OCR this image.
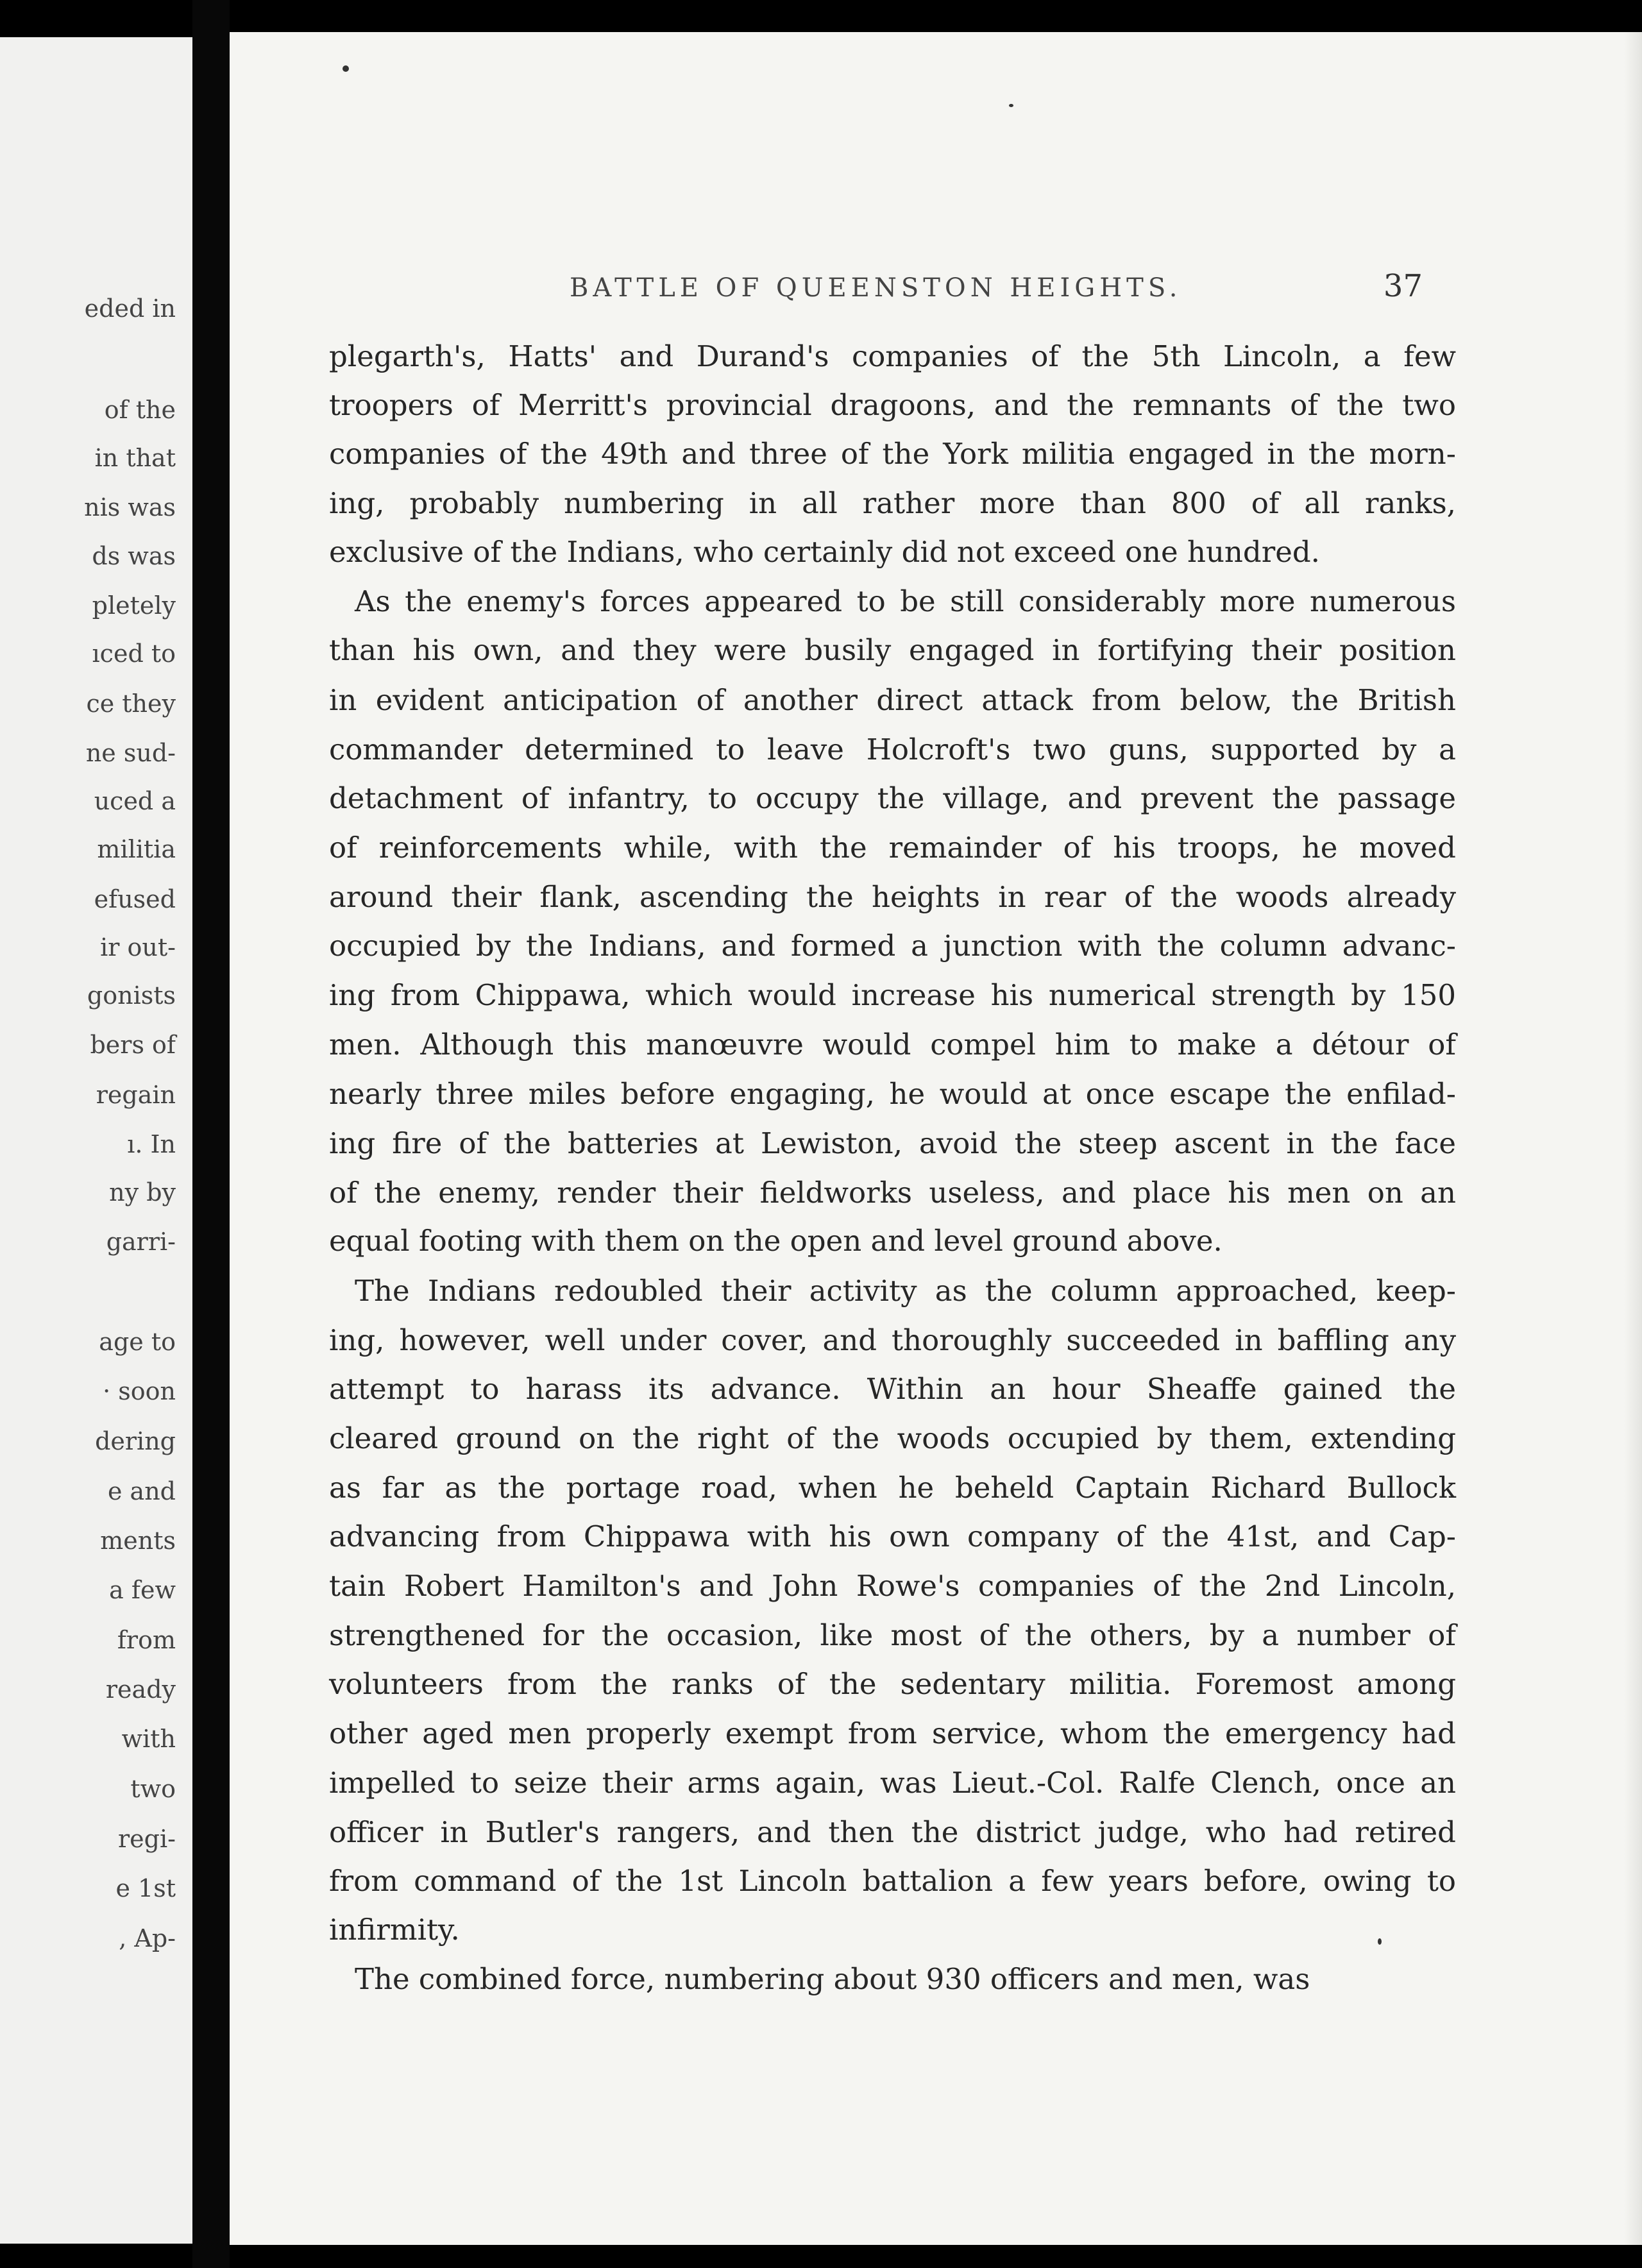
eded in
of the
in that
nis was
ds was
pletely
ıced to
ce they
ne sud-
uced a
militia
efused
ir out-
gonists
bers of
regain
ı. In
ny by
garri-
age to
· soon
dering
e and
ments
a few
from
ready
with
two
regi-
e 1st
, Ap-
BATTLE OF QUEENSTON HEIGHTS.	37
plegarth's, Hatts' and Durand's companies of the 5th Lincoln, a few
troopers of Merritt's provincial dragoons, and the remnants of the two
companies of the 49th and three of the York militia engaged in the morn-
ing, probably numbering in all rather more than 800 of all ranks,
exclusive of the Indians, who certainly did not exceed one hundred.
As the enemy's forces appeared to be still considerably more numerous
than his own, and they were busily engaged in fortifying their position
in evident anticipation of another direct attack from below, the British
commander determined to leave Holcroft's two guns, supported by a
detachment of infantry, to occupy the village, and prevent the passage
of reinforcements while, with the remainder of his troops, he moved
around their flank, ascending the heights in rear of the woods already
occupied by the Indians, and formed a junction with the column advanc-
ing from Chippawa, which would increase his numerical strength by 150
men. Although this manœuvre would compel him to make a détour of
nearly three miles before engaging, he would at once escape the enfilad-
ing fire of the batteries at Lewiston, avoid the steep ascent in the face
of the enemy, render their fieldworks useless, and place his men on an
equal footing with them on the open and level ground above.
The Indians redoubled their activity as the column approached, keep-
ing, however, well under cover, and thoroughly succeeded in baffling any
attempt to harass its advance. Within an hour Sheaffe gained the
cleared ground on the right of the woods occupied by them, extending
as far as the portage road, when he beheld Captain Richard Bullock
advancing from Chippawa with his own company of the 41st, and Cap-
tain Robert Hamilton's and John Rowe's companies of the 2nd Lincoln,
strengthened for the occasion, like most of the others, by a number of
volunteers from the ranks of the sedentary militia. Foremost among
other aged men properly exempt from service, whom the emergency had
impelled to seize their arms again, was Lieut.-Col. Ralfe Clench, once an
officer in Butler's rangers, and then the district judge, who had retired
from command of the 1st Lincoln battalion a few years before, owing to
infirmity.
The combined force, numbering about 930 officers and men, was
